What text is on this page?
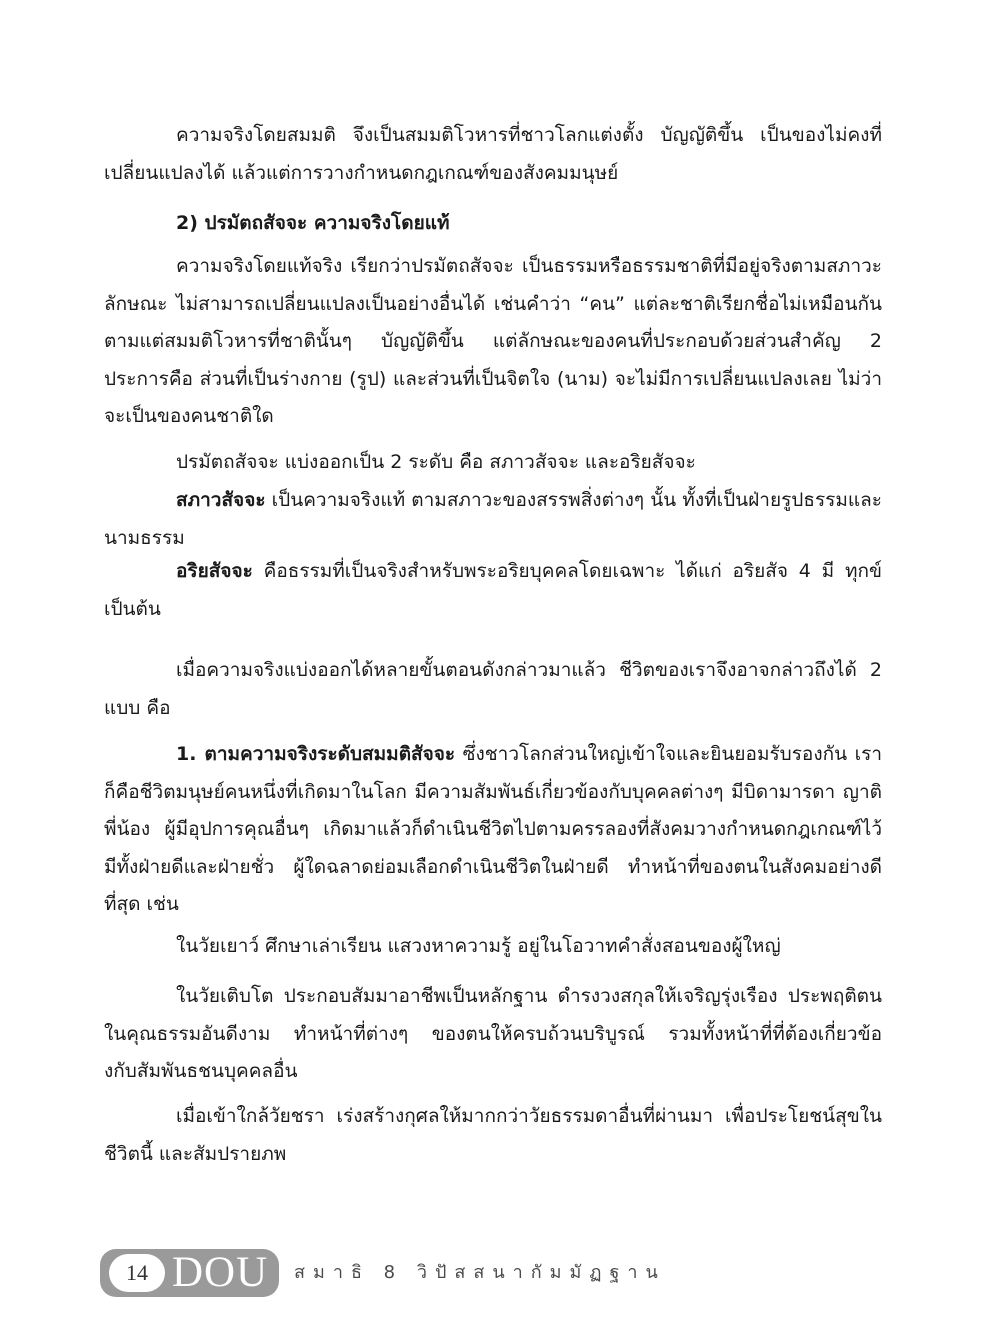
ความจริงโดยสมมติ จึงเป็นสมมติโวหารที่ชาวโลกแต่งตั้ง บัญญัติขึ้น เป็นของไม่คงที่ เปลี่ยนแปลงได้ แล้วแต่การวางกำหนดกฎเกณฑ์ของสังคมมนุษย์

2) ปรมัตถสัจจะ ความจริงโดยแท้

ความจริงโดยแท้จริง เรียกว่าปรมัตถสัจจะ เป็นธรรมหรือธรรมชาติที่มีอยู่จริงตามสภาวะลักษณะ ไม่สามารถเปลี่ยนแปลงเป็นอย่างอื่นได้ เช่นคำว่า “คน” แต่ละชาติเรียกชื่อไม่เหมือนกัน ตามแต่สมมติโวหารที่ชาตินั้นๆ บัญญัติขึ้น แต่ลักษณะของคนที่ประกอบด้วยส่วนสำคัญ 2 ประการคือ ส่วนที่เป็นร่างกาย (รูป) และส่วนที่เป็นจิตใจ (นาม) จะไม่มีการเปลี่ยนแปลงเลย ไม่ว่าจะเป็นของคนชาติใด

ปรมัตถสัจจะ แบ่งออกเป็น 2 ระดับ คือ สภาวสัจจะ และอริยสัจจะ

สภาวสัจจะ เป็นความจริงแท้ ตามสภาวะของสรรพสิ่งต่างๆ นั้น ทั้งที่เป็นฝ่ายรูปธรรมและนามธรรม

อริยสัจจะ คือธรรมที่เป็นจริงสำหรับพระอริยบุคคลโดยเฉพาะ ได้แก่ อริยสัจ 4 มี ทุกข์ เป็นต้น

เมื่อความจริงแบ่งออกได้หลายขั้นตอนดังกล่าวมาแล้ว ชีวิตของเราจึงอาจกล่าวถึงได้ 2 แบบ คือ

1. ตามความจริงระดับสมมติสัจจะ ซึ่งชาวโลกส่วนใหญ่เข้าใจและยินยอมรับรองกัน เราก็คือชีวิตมนุษย์คนหนึ่งที่เกิดมาในโลก มีความสัมพันธ์เกี่ยวข้องกับบุคคลต่างๆ มีบิดามารดา ญาติพี่น้อง ผู้มีอุปการคุณอื่นๆ เกิดมาแล้วก็ดำเนินชีวิตไปตามครรลองที่สังคมวางกำหนดกฎเกณฑ์ไว้ มีทั้งฝ่ายดีและฝ่ายชั่ว ผู้ใดฉลาดย่อมเลือกดำเนินชีวิตในฝ่ายดี ทำหน้าที่ของตนในสังคมอย่างดีที่สุด เช่น

ในวัยเยาว์ ศึกษาเล่าเรียน แสวงหาความรู้ อยู่ในโอวาทคำสั่งสอนของผู้ใหญ่

ในวัยเติบโต ประกอบสัมมาอาชีพเป็นหลักฐาน ดำรงวงสกุลให้เจริญรุ่งเรือง ประพฤติตนในคุณธรรมอันดีงาม ทำหน้าที่ต่างๆ ของตนให้ครบถ้วนบริบูรณ์ รวมทั้งหน้าที่ที่ต้องเกี่ยวข้องกับสัมพันธชนบุคคลอื่น

เมื่อเข้าใกล้วัยชรา เร่งสร้างกุศลให้มากกว่าวัยธรรมดาอื่นที่ผ่านมา เพื่อประโยชน์สุขในชีวิตนี้ และสัมปรายภพ

14 DOU	สมาธิ 8 วิปัสสนากัมมัฏฐาน
